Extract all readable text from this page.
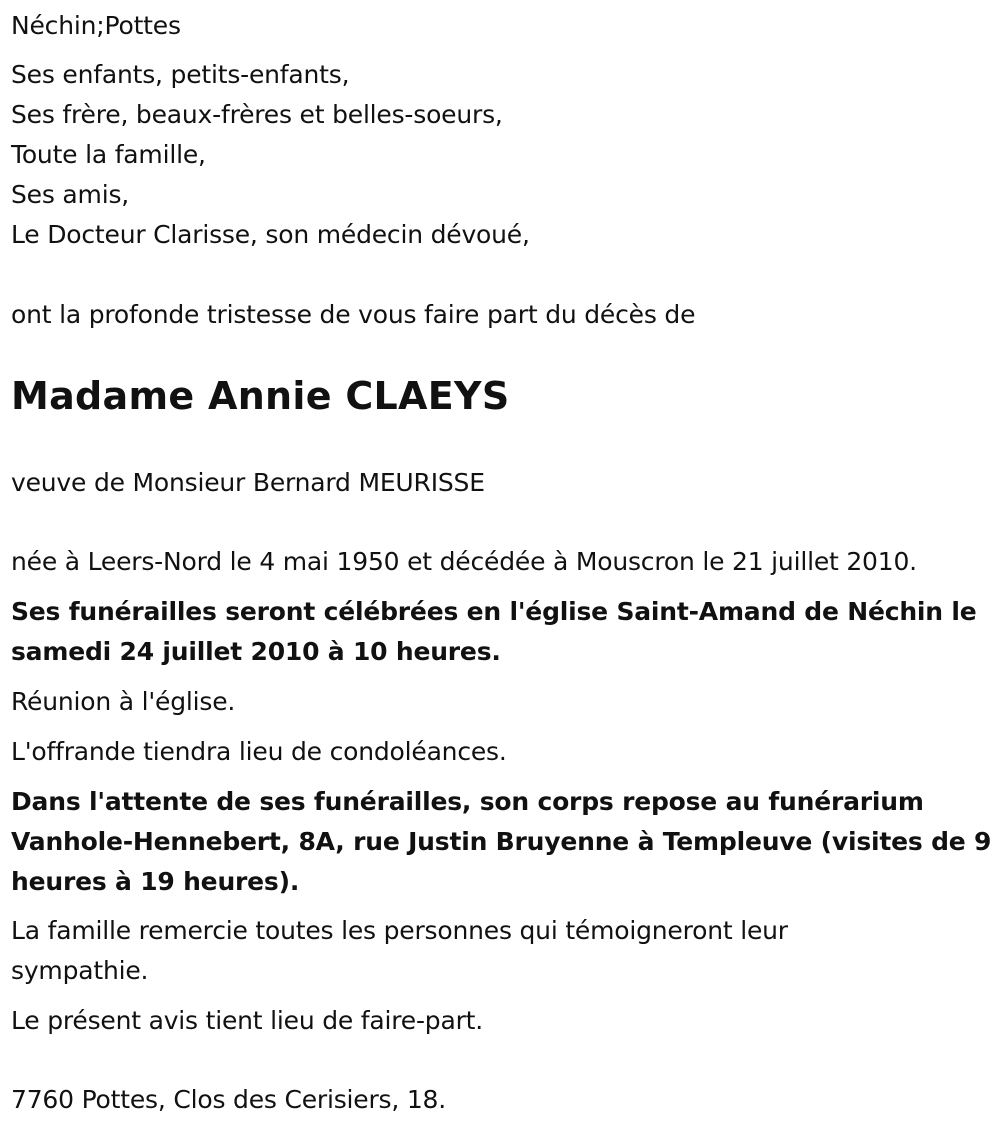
Néchin;Pottes
Ses enfants, petits-enfants,
Ses frère, beaux-frères et belles-soeurs,
Toute la famille,
Ses amis,
Le Docteur Clarisse, son médecin dévoué,
ont la profonde tristesse de vous faire part du décès de
Madame Annie CLAEYS
veuve de Monsieur Bernard MEURISSE
née à Leers-Nord le 4 mai 1950 et décédée à Mouscron le 21 juillet 2010.
Ses funérailles seront célébrées en l'église Saint-Amand de Néchin le
samedi 24 juillet 2010 à 10 heures.
Réunion à l'église.
L'offrande tiendra lieu de condoléances.
Dans l'attente de ses funérailles, son corps repose au funérarium
Vanhole-Hennebert, 8A, rue Justin Bruyenne à Templeuve (visites de 9
heures à 19 heures).
La famille remercie toutes les personnes qui témoigneront leur
sympathie.
Le présent avis tient lieu de faire-part.
7760 Pottes, Clos des Cerisiers, 18.
